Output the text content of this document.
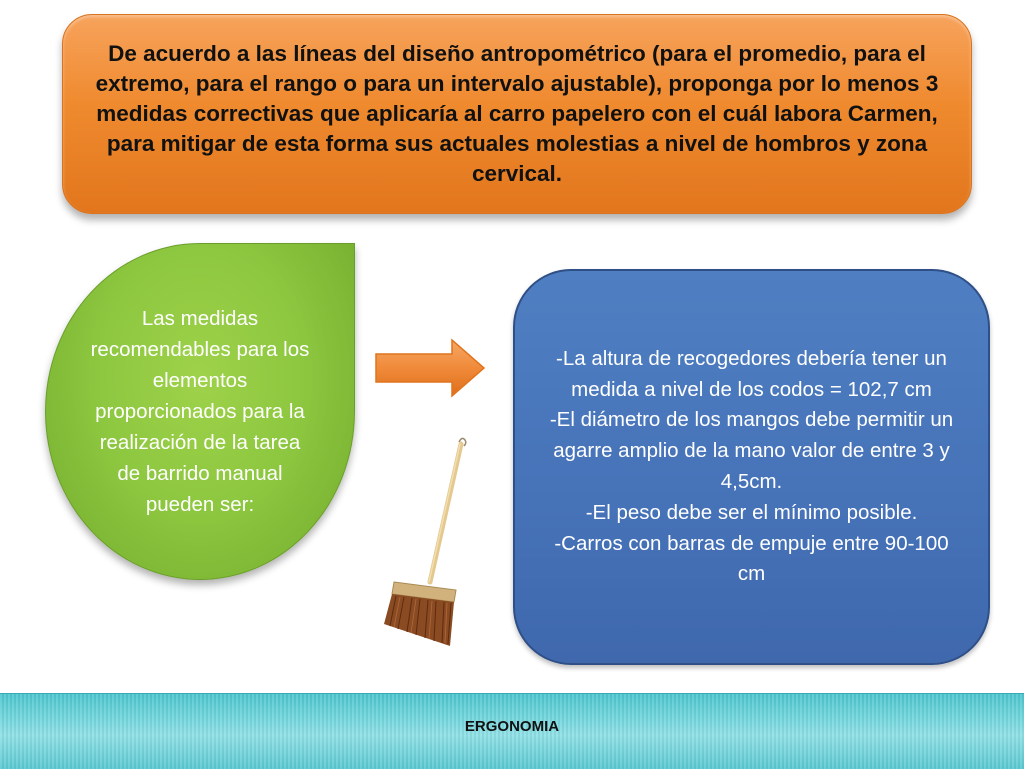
De acuerdo a las líneas del diseño antropométrico (para el promedio, para el extremo, para el rango o para un intervalo ajustable), proponga por lo menos 3 medidas correctivas que aplicaría al carro papelero con el cuál labora Carmen, para mitigar de esta forma sus actuales molestias a nivel de hombros y zona cervical.

Las medidas recomendables para los elementos proporcionados para la realización de la tarea de barrido manual pueden ser:

-La altura de recogedores debería tener un medida a nivel de los codos = 102,7 cm
-El diámetro de los mangos debe permitir un agarre amplio de la mano valor de entre 3 y 4,5cm.
-El peso debe ser el mínimo posible.
-Carros con barras de empuje entre 90-100 cm
ERGONOMIA
